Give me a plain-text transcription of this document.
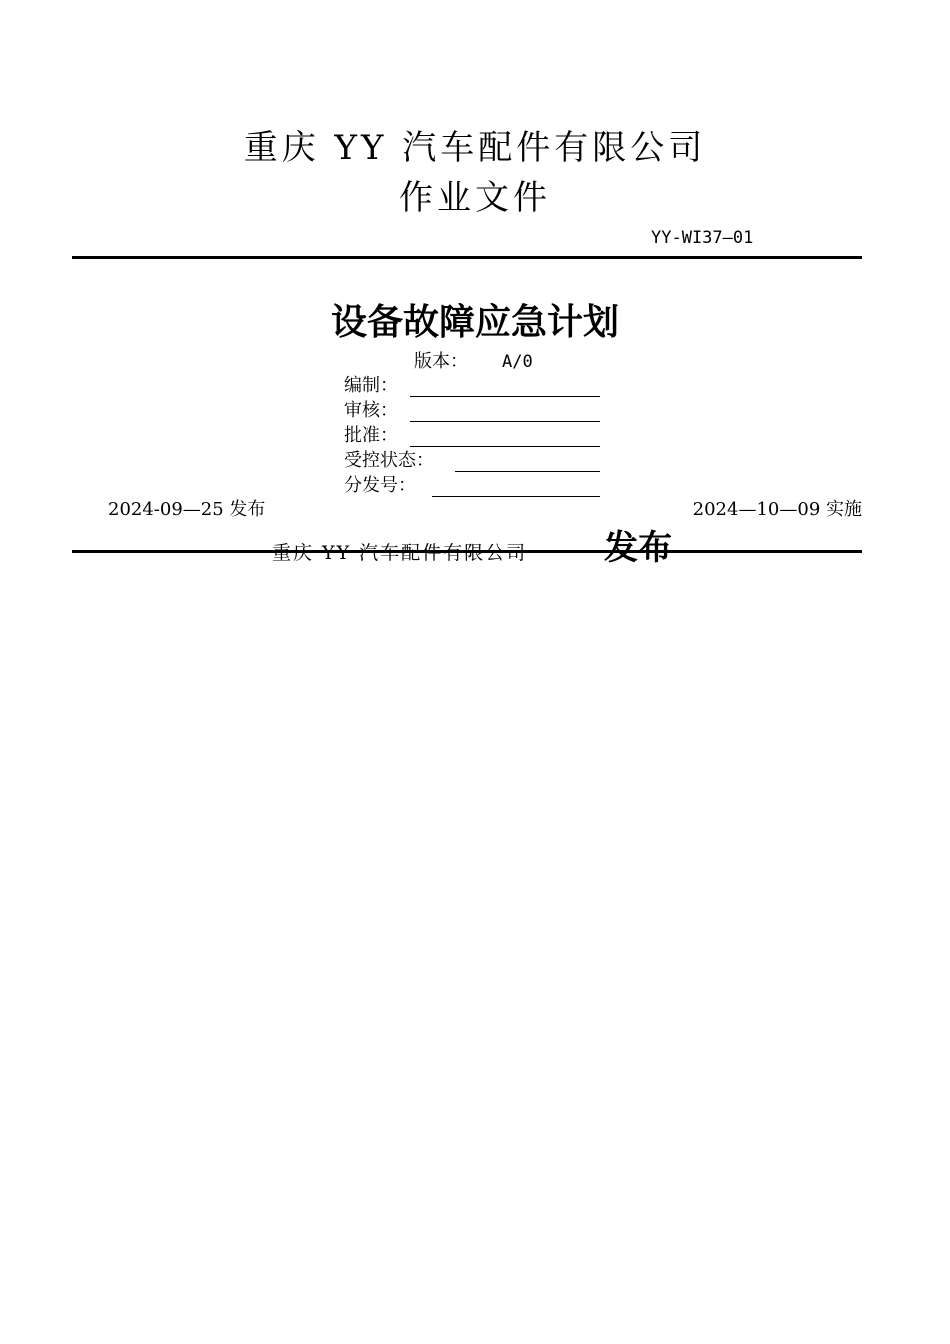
重庆 YY 汽车配件有限公司
作业文件
YY-WI37—01
设备故障应急计划
版本： A/0
编制：
审核：
批准：
受控状态：
分发号：
2024-09—25 发布	2024—10—09 实施
重庆 YY 汽车配件有限公司 发布
